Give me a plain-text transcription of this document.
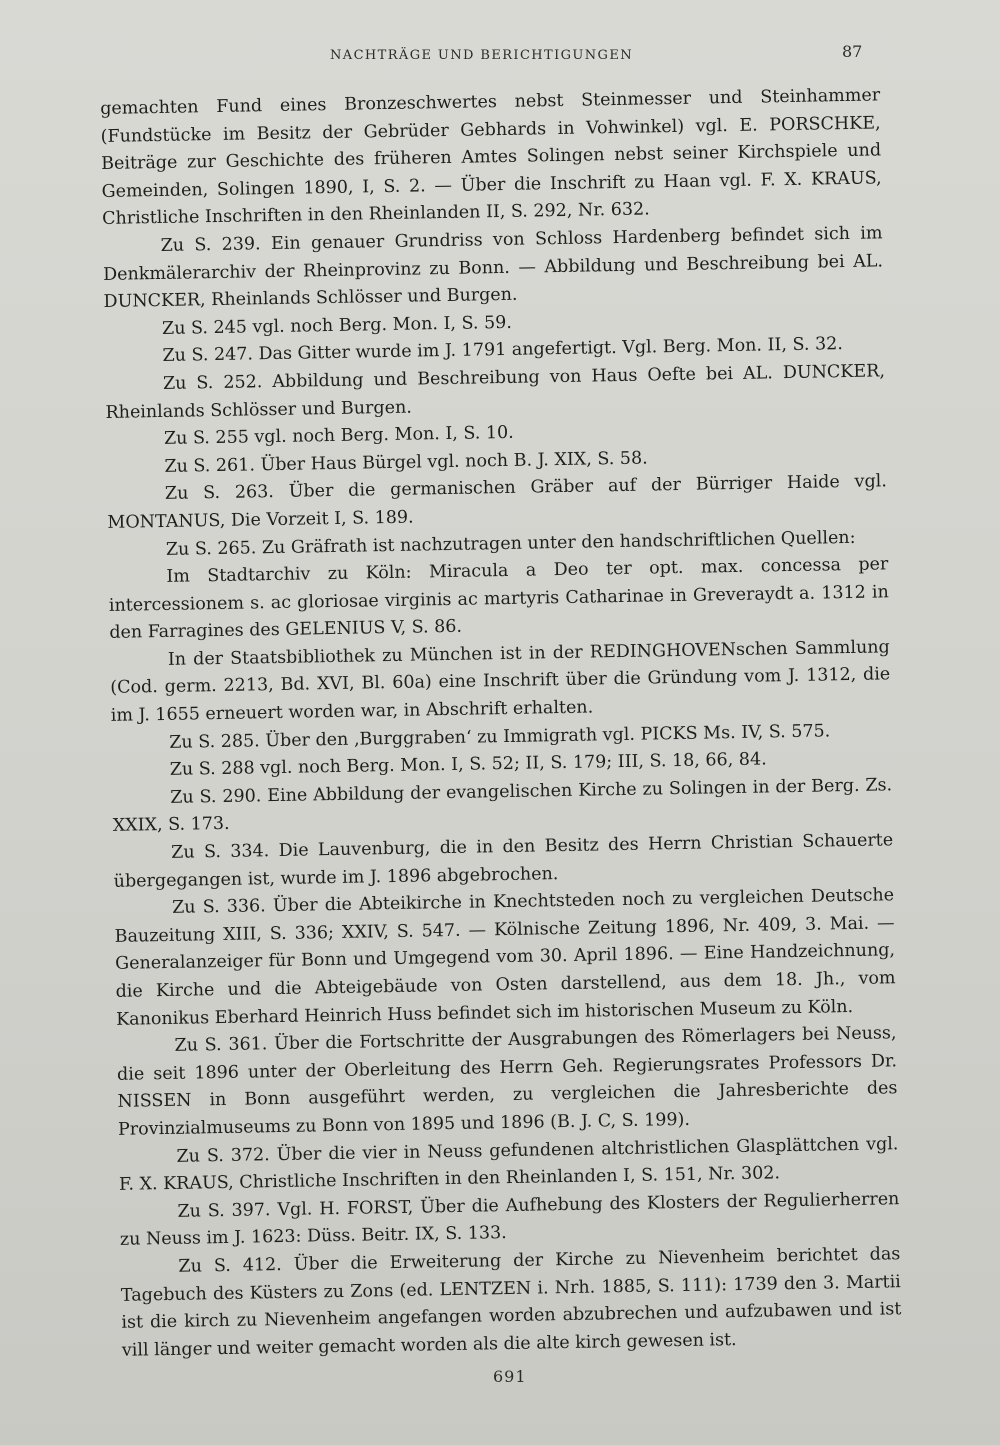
NACHTRÄGE UND BERICHTIGUNGEN	87

gemachten Fund eines Bronzeschwertes nebst Steinmesser und Steinhammer (Fundstücke im Besitz der Gebrüder Gebhards in Vohwinkel) vgl. E. PORSCHKE, Beiträge zur Geschichte des früheren Amtes Solingen nebst seiner Kirchspiele und Gemeinden, Solingen 1890, I, S. 2. — Über die Inschrift zu Haan vgl. F. X. KRAUS, Christliche Inschriften in den Rheinlanden II, S. 292, Nr. 632.

Zu S. 239. Ein genauer Grundriss von Schloss Hardenberg befindet sich im Denkmälerarchiv der Rheinprovinz zu Bonn. — Abbildung und Beschreibung bei AL. DUNCKER, Rheinlands Schlösser und Burgen.

Zu S. 245 vgl. noch Berg. Mon. I, S. 59.

Zu S. 247. Das Gitter wurde im J. 1791 angefertigt. Vgl. Berg. Mon. II, S. 32.

Zu S. 252. Abbildung und Beschreibung von Haus Oefte bei AL. DUNCKER, Rheinlands Schlösser und Burgen.

Zu S. 255 vgl. noch Berg. Mon. I, S. 10.

Zu S. 261. Über Haus Bürgel vgl. noch B. J. XIX, S. 58.

Zu S. 263. Über die germanischen Gräber auf der Bürriger Haide vgl. MONTANUS, Die Vorzeit I, S. 189.

Zu S. 265. Zu Gräfrath ist nachzutragen unter den handschriftlichen Quellen:

Im Stadtarchiv zu Köln: Miracula a Deo ter opt. max. concessa per intercessionem s. ac gloriosae virginis ac martyris Catharinae in Greveraydt a. 1312 in den Farragines des GELENIUS V, S. 86.

In der Staatsbibliothek zu München ist in der REDINGHOVENschen Sammlung (Cod. germ. 2213, Bd. XVI, Bl. 60a) eine Inschrift über die Gründung vom J. 1312, die im J. 1655 erneuert worden war, in Abschrift erhalten.

Zu S. 285. Über den ‚Burggraben‘ zu Immigrath vgl. PICKS Ms. IV, S. 575.

Zu S. 288 vgl. noch Berg. Mon. I, S. 52; II, S. 179; III, S. 18, 66, 84.

Zu S. 290. Eine Abbildung der evangelischen Kirche zu Solingen in der Berg. Zs. XXIX, S. 173.

Zu S. 334. Die Lauvenburg, die in den Besitz des Herrn Christian Schauerte übergegangen ist, wurde im J. 1896 abgebrochen.

Zu S. 336. Über die Abteikirche in Knechtsteden noch zu vergleichen Deutsche Bauzeitung XIII, S. 336; XXIV, S. 547. — Kölnische Zeitung 1896, Nr. 409, 3. Mai. — Generalanzeiger für Bonn und Umgegend vom 30. April 1896. — Eine Handzeichnung, die Kirche und die Abteigebäude von Osten darstellend, aus dem 18. Jh., vom Kanonikus Eberhard Heinrich Huss befindet sich im historischen Museum zu Köln.

Zu S. 361. Über die Fortschritte der Ausgrabungen des Römerlagers bei Neuss, die seit 1896 unter der Oberleitung des Herrn Geh. Regierungsrates Professors Dr. NISSEN in Bonn ausgeführt werden, zu vergleichen die Jahresberichte des Provinzialmuseums zu Bonn von 1895 und 1896 (B. J. C, S. 199).

Zu S. 372. Über die vier in Neuss gefundenen altchristlichen Glasplättchen vgl. F. X. KRAUS, Christliche Inschriften in den Rheinlanden I, S. 151, Nr. 302.

Zu S. 397. Vgl. H. FORST, Über die Aufhebung des Klosters der Regulierherren zu Neuss im J. 1623: Düss. Beitr. IX, S. 133.

Zu S. 412. Über die Erweiterung der Kirche zu Nievenheim berichtet das Tagebuch des Küsters zu Zons (ed. LENTZEN i. Nrh. 1885, S. 111): 1739 den 3. Martii ist die kirch zu Nievenheim angefangen worden abzubrechen und aufzubawen und ist vill länger und weiter gemacht worden als die alte kirch gewesen ist.

691
